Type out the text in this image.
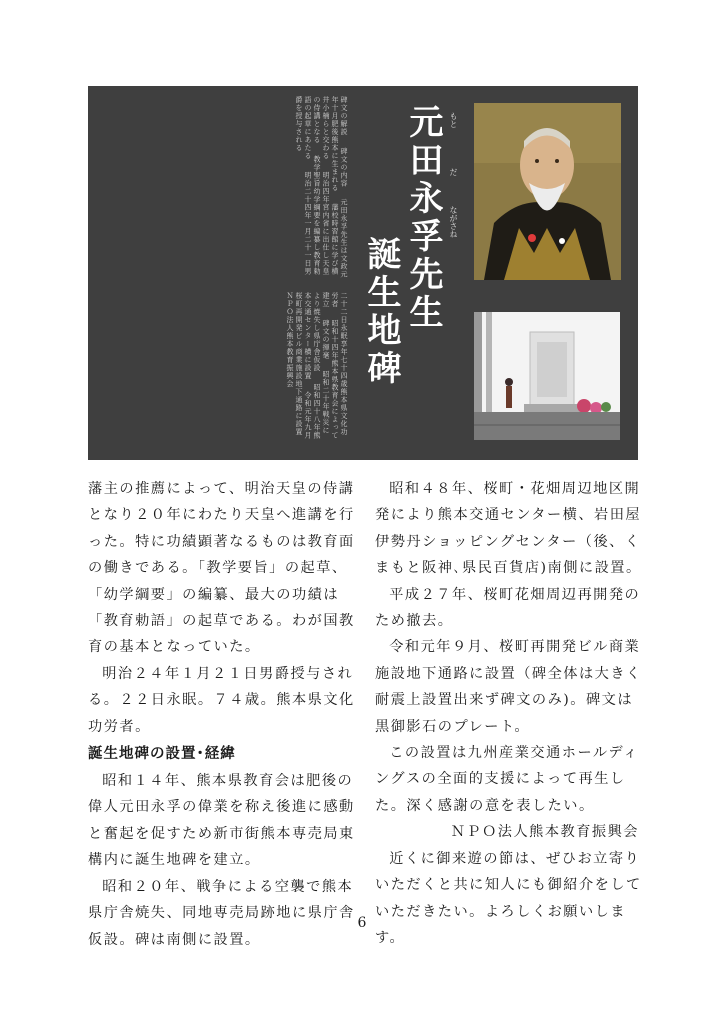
碑文の解説　 碑文の内容　 元田永孚先生は文政元年十月肥後熊本に生まれる　 藩校時習館に学び横井小楠らと交わる　 明治四年宮内省に出仕し天皇の侍講となる　 教学聖旨幼学綱要を編纂し教育勅語の起草にあたる　 明治二十四年一月二十一日男爵を授与される
二十二日永眠享年七十四歳熊本県文化功労者　 昭和十四年熊本県教育会によって建立　 碑文の揮毫　 昭和二十年戦災により焼失し県庁舎仮設　 昭和四十八年熊本交通センター横に設置　 令和元年九月桜町再開発ビル商業施設地下通路に設置　 ＮＰＯ法人熊本教育振興会
元田永孚先生
誕生地碑
もと
だ
ながさね

藩主の推薦によって、明治天皇の侍講となり２０年にわたり天皇へ進講を行った。特に功績顕著なるものは教育面の働きである。「教学要旨」の起草、「幼学綱要」の編纂、最大の功績は「教育勅語」の起草である。わが国教育の基本となっていた。

明治２４年１月２１日男爵授与される。２２日永眠。７４歳。熊本県文化功労者。

誕生地碑の設置･経緯

昭和１４年、熊本県教育会は肥後の偉人元田永孚の偉業を称え後進に感動と奮起を促すため新市街熊本専売局東構内に誕生地碑を建立。

昭和２０年、戦争による空襲で熊本県庁舎焼失、同地専売局跡地に県庁舎仮設。碑は南側に設置。

昭和４８年、桜町・花畑周辺地区開発により熊本交通センター横、岩田屋伊勢丹ショッピングセンター（後、くまもと阪神､県民百貨店)南側に設置。

平成２７年、桜町花畑周辺再開発のため撤去。

令和元年９月、桜町再開発ビル商業施設地下通路に設置（碑全体は大きく耐震上設置出来ず碑文のみ)。碑文は黒御影石のプレート。

この設置は九州産業交通ホールディングスの全面的支援によって再生した。深く感謝の意を表したい。

ＮＰＯ法人熊本教育振興会

近くに御来遊の節は、ぜひお立寄りいただくと共に知人にも御紹介をしていただきたい。よろしくお願いします。

6
